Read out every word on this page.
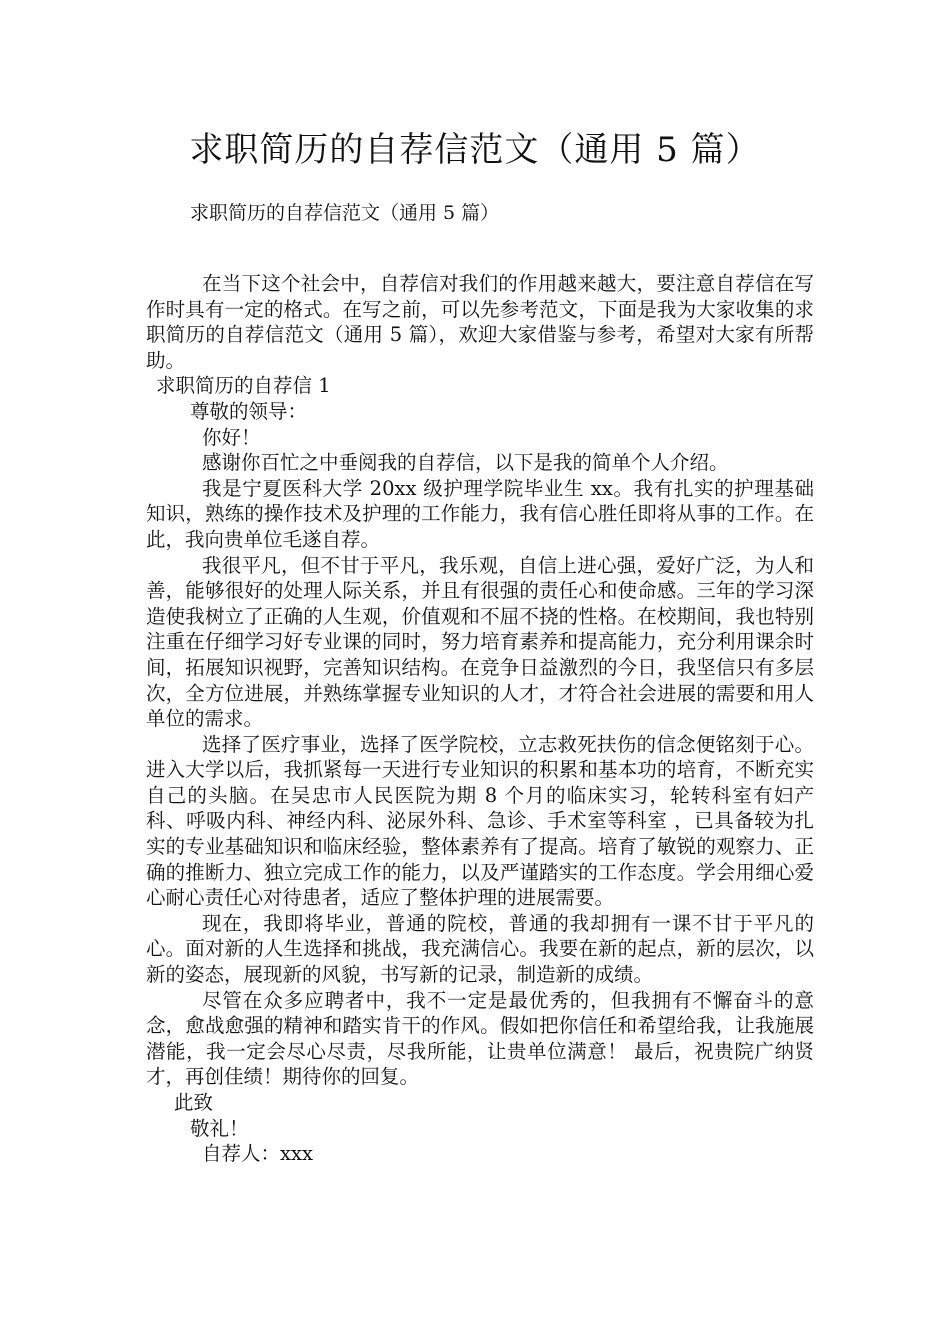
求职简历的自荐信范文（通用 5 篇）

求职简历的自荐信范文（通用 5 篇）

在当下这个社会中，自荐信对我们的作用越来越大，要注意自荐信在写作时具有一定的格式。在写之前，可以先参考范文，下面是我为大家收集的求职简历的自荐信范文（通用 5 篇），欢迎大家借鉴与参考，希望对大家有所帮助。

求职简历的自荐信 1

尊敬的领导：

你好！

感谢你百忙之中垂阅我的自荐信，以下是我的简单个人介绍。

我是宁夏医科大学 20xx 级护理学院毕业生 xx。我有扎实的护理基础知识，熟练的操作技术及护理的工作能力，我有信心胜任即将从事的工作。在此，我向贵单位毛遂自荐。

我很平凡，但不甘于平凡，我乐观，自信上进心强，爱好广泛，为人和善，能够很好的处理人际关系，并且有很强的责任心和使命感。三年的学习深造使我树立了正确的人生观，价值观和不屈不挠的性格。在校期间，我也特别注重在仔细学习好专业课的同时，努力培育素养和提高能力，充分利用课余时间，拓展知识视野，完善知识结构。在竞争日益激烈的今日，我坚信只有多层次，全方位进展，并熟练掌握专业知识的人才，才符合社会进展的需要和用人单位的需求。

选择了医疗事业，选择了医学院校，立志救死扶伤的信念便铭刻于心。进入大学以后，我抓紧每一天进行专业知识的积累和基本功的培育，不断充实自己的头脑。在吴忠市人民医院为期 8 个月的临床实习，轮转科室有妇产科、呼吸内科、神经内科、泌尿外科、急诊、手术室等科室 ，已具备较为扎实的专业基础知识和临床经验，整体素养有了提高。培育了敏锐的观察力、正确的推断力、独立完成工作的能力，以及严谨踏实的工作态度。学会用细心爱心耐心责任心对待患者，适应了整体护理的进展需要。

现在，我即将毕业，普通的院校，普通的我却拥有一课不甘于平凡的心。面对新的人生选择和挑战，我充满信心。我要在新的起点，新的层次，以新的姿态，展现新的风貌，书写新的记录，制造新的成绩。

尽管在众多应聘者中，我不一定是最优秀的，但我拥有不懈奋斗的意念，愈战愈强的精神和踏实肯干的作风。假如把你信任和希望给我，让我施展潜能，我一定会尽心尽责，尽我所能，让贵单位满意！ 最后，祝贵院广纳贤才，再创佳绩！期待你的回复。

此致

敬礼！

自荐人：xxx
